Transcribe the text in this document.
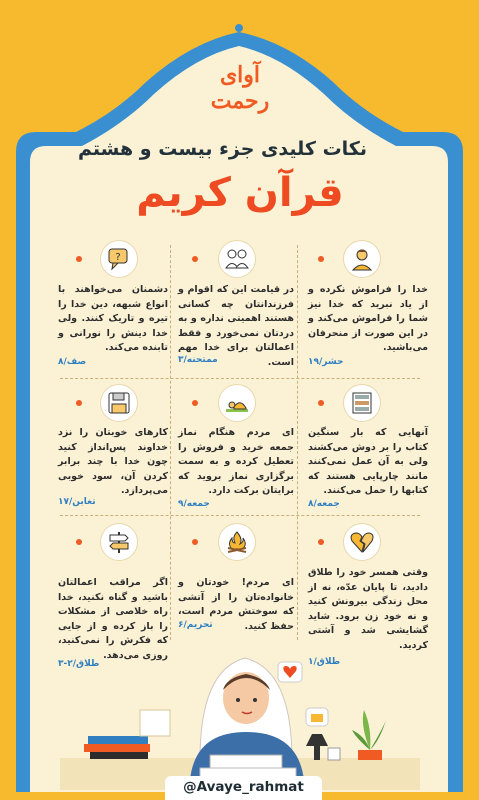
آوای
رحمت
نکات کلیدی جزء بیست و هشتم
قرآن کریم
خدا را فراموش نکرده و از یاد نبرید که خدا نیز شما را فراموش می‌کند و در این صورت از منحرفان می‌باشید.
حشر/۱۹
در قیامت این که اقوام و فرزندانتان چه کسانی هستند اهمیتی نداره و به دردتان نمی‌خورد و فقط اعمالتان برای خدا مهم است.
ممتحنه/۳
?
دشمنان می‌خواهند با انواع شبهه، دین خدا را تیره و تاریک کنند. ولی خدا دینش را نورانی و تابنده می‌کند.
صف/۸
آنهایی که بار سنگین کتاب را بر دوش می‌کشند ولی به آن عمل نمی‌کنند مانند چارپایی هستند که کتابها را حمل می‌کنند.
جمعه/۸
ای مردم هنگام نماز جمعه خرید و فروش را تعطیل کرده و به سمت برگزاری نماز بروید که برایتان برکت دارد.
جمعه/۹
کارهای خوبتان را نزد خداوند پس‌انداز کنید چون خدا با چند برابر کردن آن، سود خوبی می‌پردازد.
تغابن/۱۷
وقتی همسر خود را طلاق دادید، تا پایان عدّه، نه از محل زندگی بیرونش کنید و نه خود زن برود. شاید گشایشی شد و آشتی کردید.
طلاق/۱
ای مردم! خودتان و خانواده‌تان را از آتشی که سوختش مردم است، حفظ کنید.
تحریم/۶
اگر مراقب اعمالتان باشید و گناه نکنید، خدا راه خلاصی از مشکلات را باز کرده و از جایی که فکرش را نمی‌کنید، روزی می‌دهد.
طلاق/۲-۳
@Avaye_rahmat
